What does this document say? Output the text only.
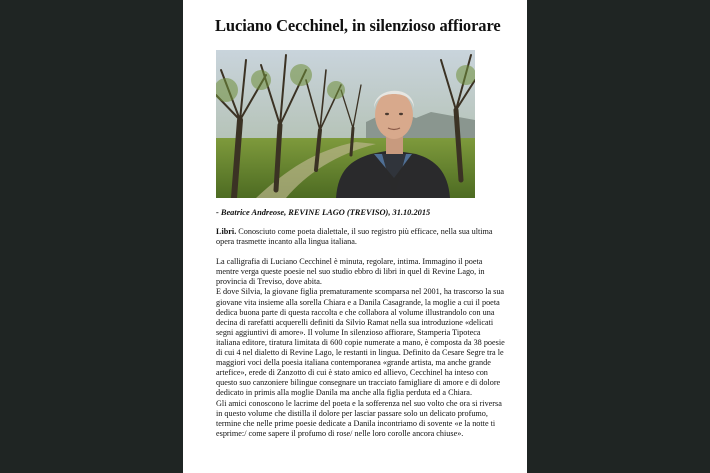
Luciano Cecchinel, in silenzioso affiorare
- Beatrice Andreose, REVINE LAGO (TREVISO), 31.10.2015

Libri. Conosciuto come poeta dialettale, il suo registro più efficace, nella sua ultima opera trasmette incanto alla lingua italiana.

La calligrafia di Luciano Cecchinel è minuta, regolare, intima. Immagino il poeta mentre verga queste poesie nel suo studio ebbro di libri in quel di Revine Lago, in provincia di Treviso, dove abita.

E dove Silvia, la giovane figlia prematuramente scomparsa nel 2001, ha trascorso la sua giovane vita insieme alla sorella Chiara e a Danila Casagrande, la moglie a cui il poeta dedica buona parte di questa raccolta e che collabora al volume illustrandolo con una decina di rarefatti acquerelli definiti da Silvio Ramat nella sua introduzione «delicati segni aggiuntivi di amore». Il volume In silenzioso affiorare, Stamperia Tipoteca italiana editore, tiratura limitata di 600 copie numerate a mano, è composta da 38 poesie di cui 4 nel dialetto di Revine Lago, le restanti in lingua. Definito da Cesare Segre tra le maggiori voci della poesia italiana contemporanea «grande artista, ma anche grande artefice», erede di Zanzotto di cui è stato amico ed allievo, Cecchinel ha inteso con questo suo canzoniere bilingue consegnare un tracciato famigliare di amore e di dolore dedicato in primis alla moglie Danila ma anche alla figlia perduta ed a Chiara.

Gli amici conoscono le lacrime del poeta e la sofferenza nel suo volto che ora si riversa in questo volume che distilla il dolore per lasciar passare solo un delicato profumo, termine che nelle prime poesie dedicate a Danila incontriamo di sovente «e la notte ti esprime:/ come sapere il profumo di rose/ nelle loro corolle ancora chiuse».
